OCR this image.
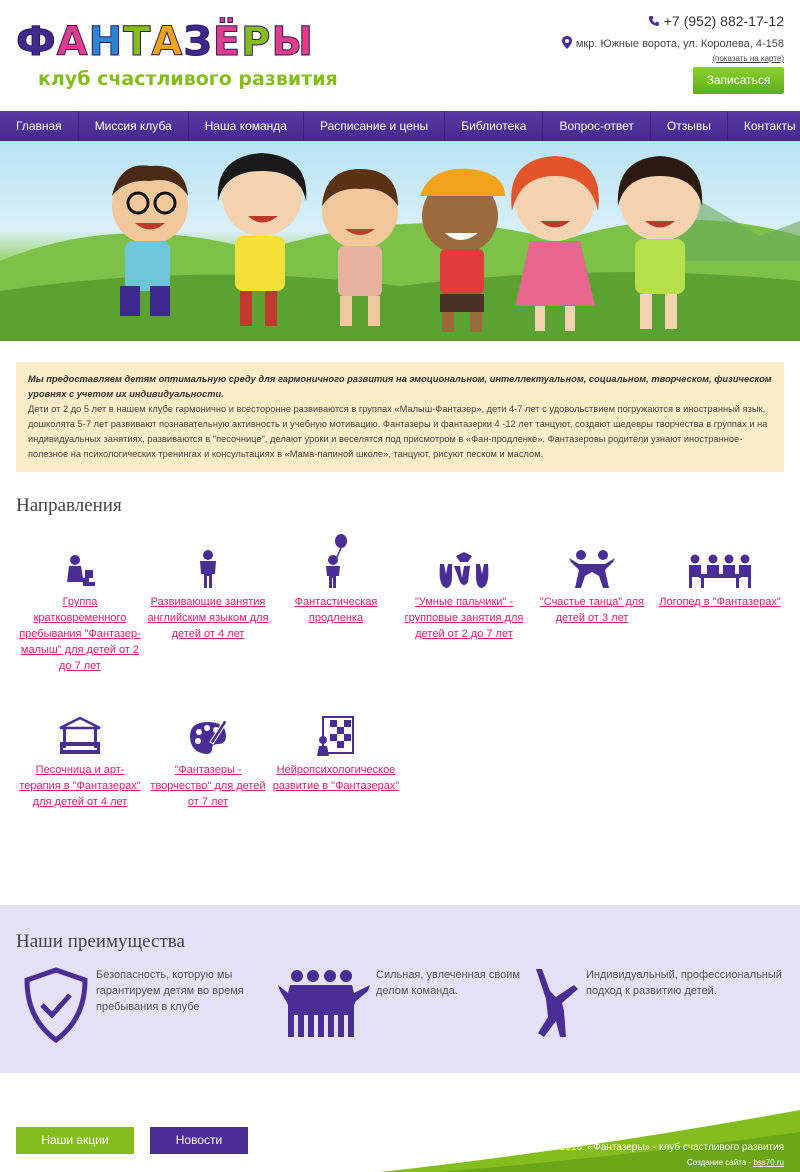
ФАНТАЗЁРЫ
клуб счастливого развития
+7 (952) 882-17-12
мкр. Южные ворота, ул. Королева, 4-158
(показать на карте)
Записаться
Главная	Миссия клуба	Наша команда	Расписание и цены	Библиотека	Вопрос-ответ	Отзывы	Контакты
Мы предоставляем детям оптимальную среду для гармоничного развития на эмоциональном, интеллектуальном, социальном, творческом, физическом уровнях с учетом их индивидуальности.
Дети от 2 до 5 лет в нашем клубе гармонично и всесторонне развиваются в группах «Малыш-Фантазер», дети 4-7 лет с удовольствием погружаются в иностранный язык, дошколята 5-7 лет развивают познавательную активность и учебную мотивацию. Фантазеры и фантазерки 4 -12 лет танцуют, создают шедевры творчества в группах и на индивидуальных занятиях, развиваются в "песочнице", делают уроки и веселятся под присмотром в «Фан-продленке». Фантазеровы родители узнают иностранное-полезное на психологических тренингах и консультациях в «Мама-папиной школе», танцуют, рисуют песком и маслом.
Направления
Группа кратковременного пребывания "Фантазер-малыш" для детей от 2 до 7 лет
Развивающие занятия английским языком для детей от 4 лет
Фантастическая продленка
"Умные пальчики" - групповые занятия для детей от 2 до 7 лет
"Счастье танца" для детей от 3 лет
Логопед в "Фантазерах"
Песочница и арт-терапия в "Фантазерах" для детей от 4 лет
"Фантазеры - творчество" для детей от 7 лет
Нейропсихологическое развитие в "Фантазерах"
Наши преимущества
Безопасность, которую мы гарантируем детям во время пребывания в клубе
Сильная, увлеченная своим делом команда.
Индивидуальный, профессиональный подход к развитию детей.
Наши акции	Новости
© 2016. «Фантазеры» - клуб счастливого развития
Создание сайта - bss70.ru
